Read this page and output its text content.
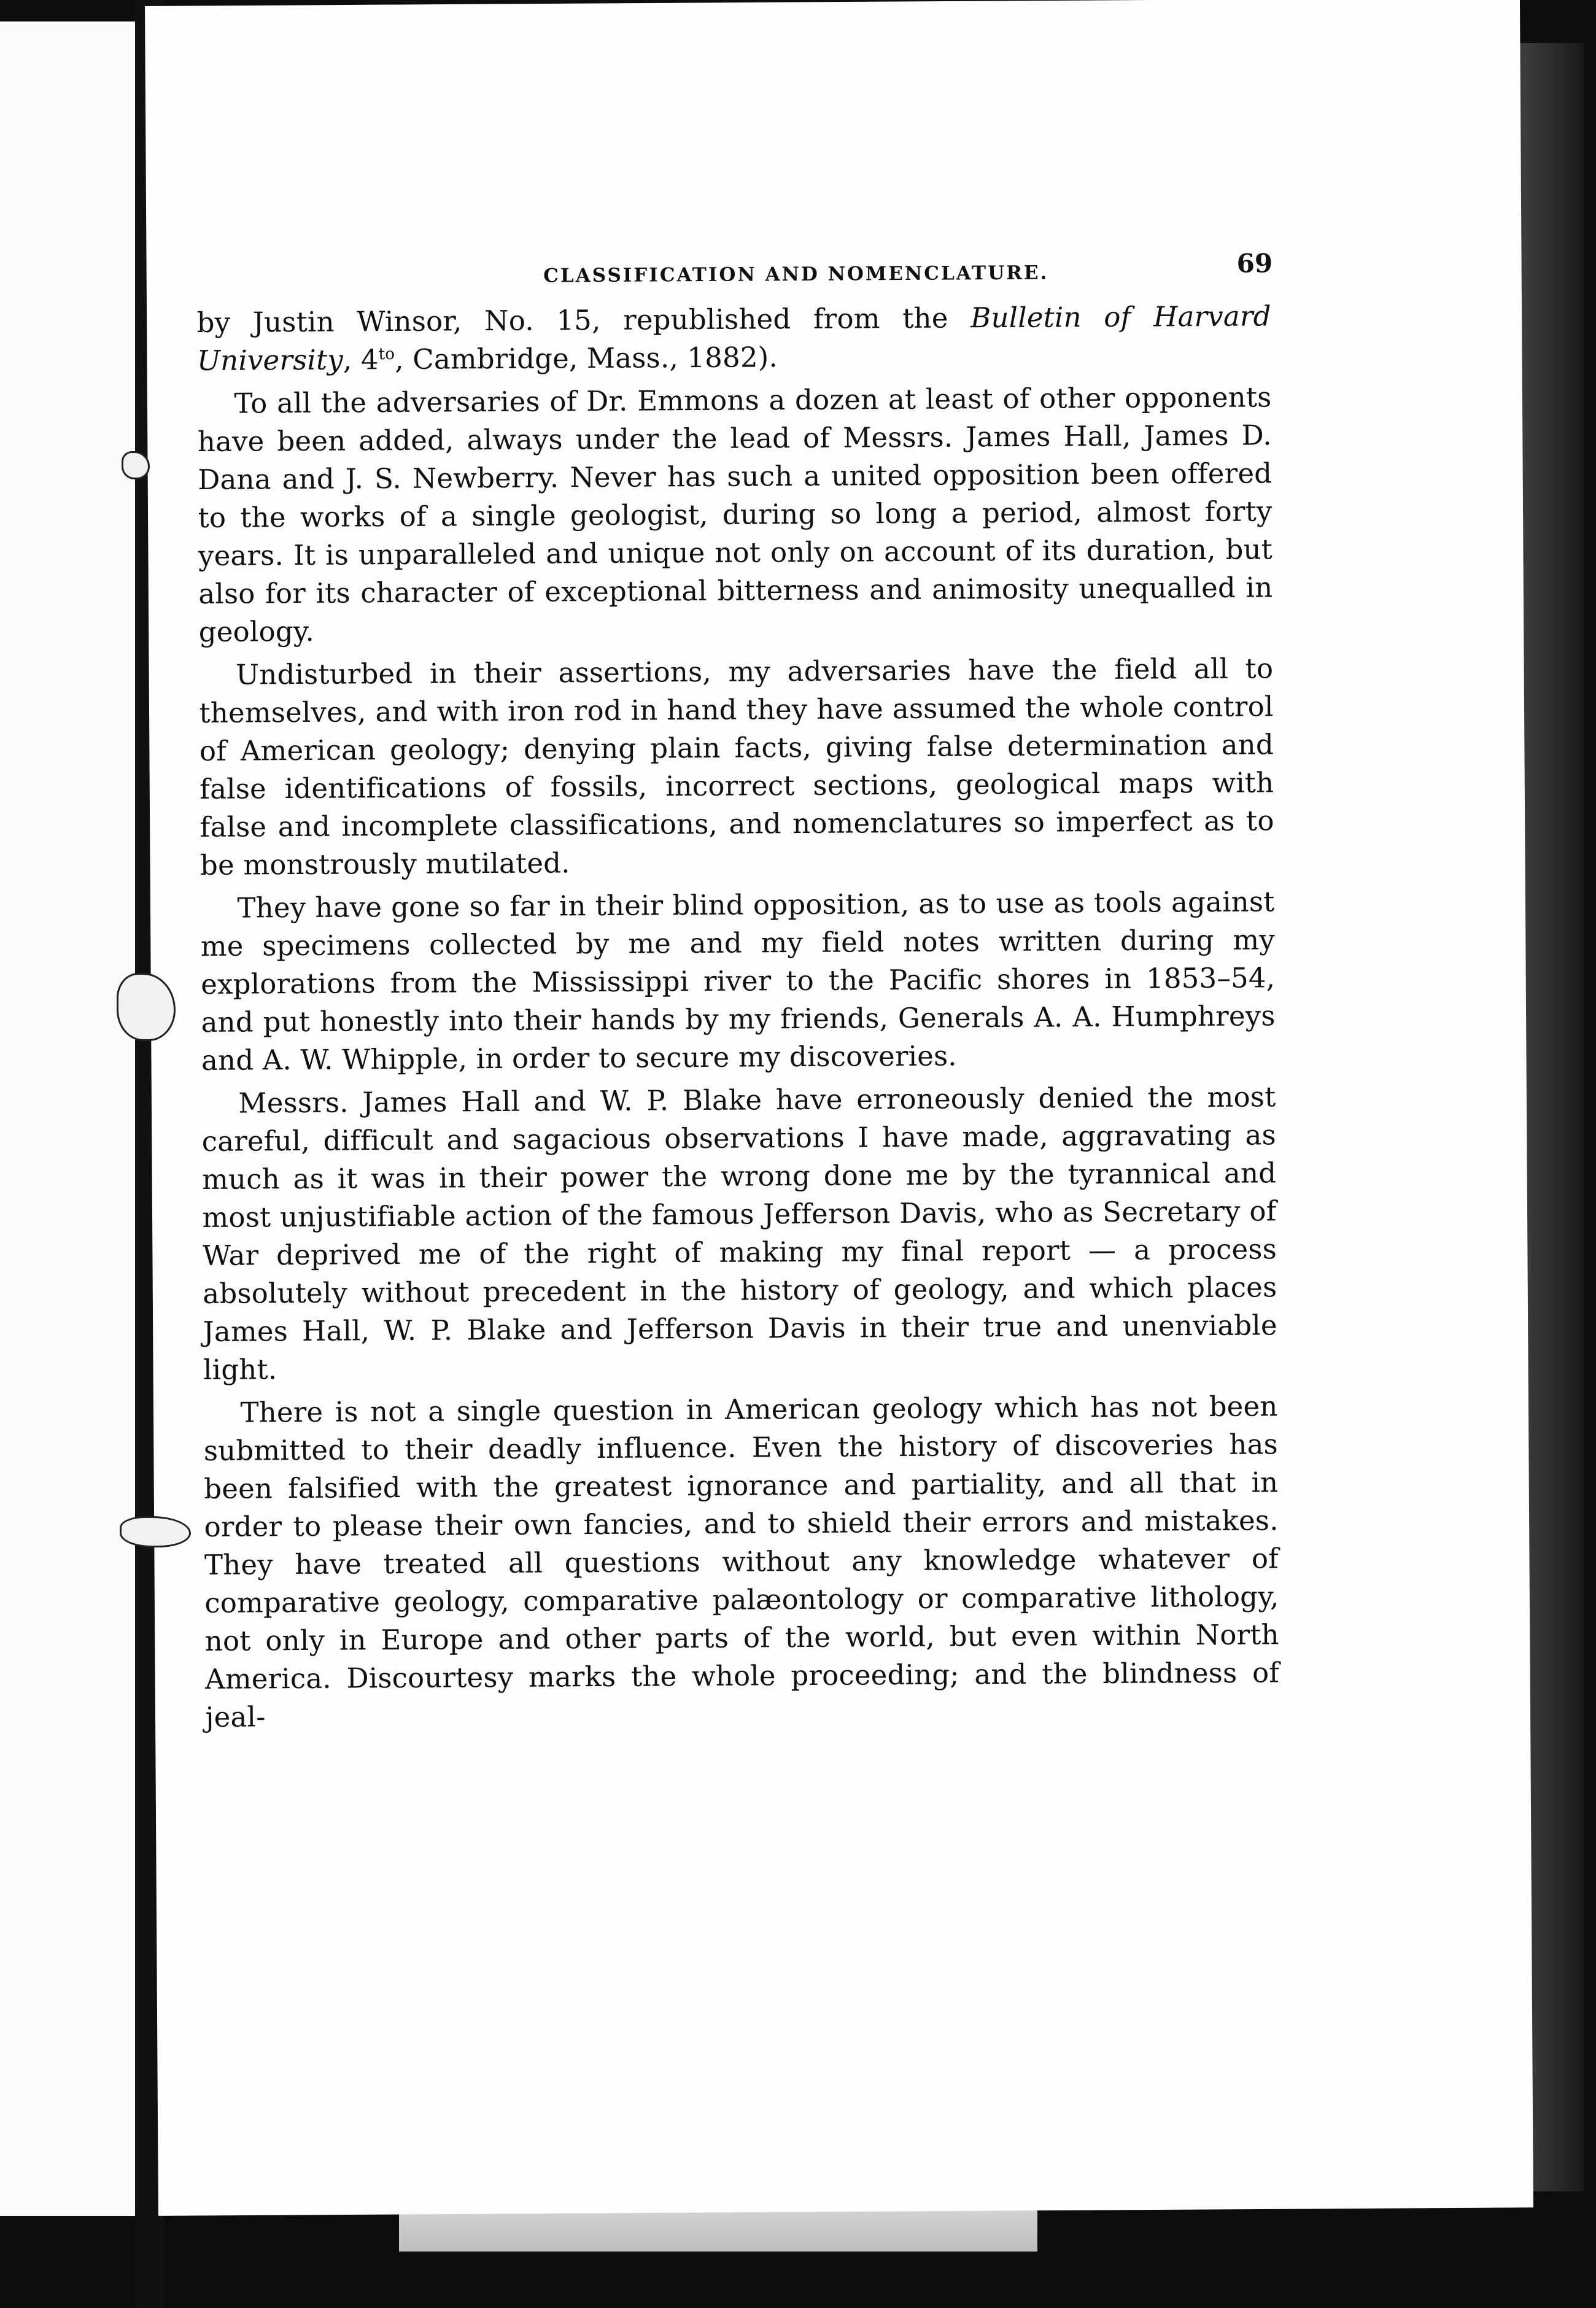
CLASSIFICATION AND NOMENCLATURE.	69

by Justin Winsor, No. 15, republished from the Bulletin of Harvard University, $4^{to}$, Cambridge, Mass., 1882).

To all the adversaries of Dr. Emmons a dozen at least of other opponents have been added, always under the lead of Messrs. James Hall, James D. Dana and J. S. Newberry. Never has such a united opposition been offered to the works of a single geologist, during so long a period, almost forty years. It is unparalleled and unique not only on account of its duration, but also for its character of exceptional bitterness and animosity unequalled in geology.

Undisturbed in their assertions, my adversaries have the field all to themselves, and with iron rod in hand they have assumed the whole control of American geology; denying plain facts, giving false determination and false identifications of fossils, incorrect sections, geological maps with false and incomplete classifications, and nomenclatures so imperfect as to be monstrously mutilated.

They have gone so far in their blind opposition, as to use as tools against me specimens collected by me and my field notes written during my explorations from the Mississippi river to the Pacific shores in 1853–54, and put honestly into their hands by my friends, Generals A. A. Humphreys and A. W. Whipple, in order to secure my discoveries.

Messrs. James Hall and W. P. Blake have erroneously denied the most careful, difficult and sagacious observations I have made, aggravating as much as it was in their power the wrong done me by the tyrannical and most unjustifiable action of the famous Jefferson Davis, who as Secretary of War deprived me of the right of making my final report — a process absolutely without precedent in the history of geology, and which places James Hall, W. P. Blake and Jefferson Davis in their true and unenviable light.

There is not a single question in American geology which has not been submitted to their deadly influence. Even the history of discoveries has been falsified with the greatest ignorance and partiality, and all that in order to please their own fancies, and to shield their errors and mistakes. They have treated all questions without any knowledge whatever of comparative geology, comparative palæontology or comparative lithology, not only in Europe and other parts of the world, but even within North America. Discourtesy marks the whole proceeding; and the blindness of jeal-
